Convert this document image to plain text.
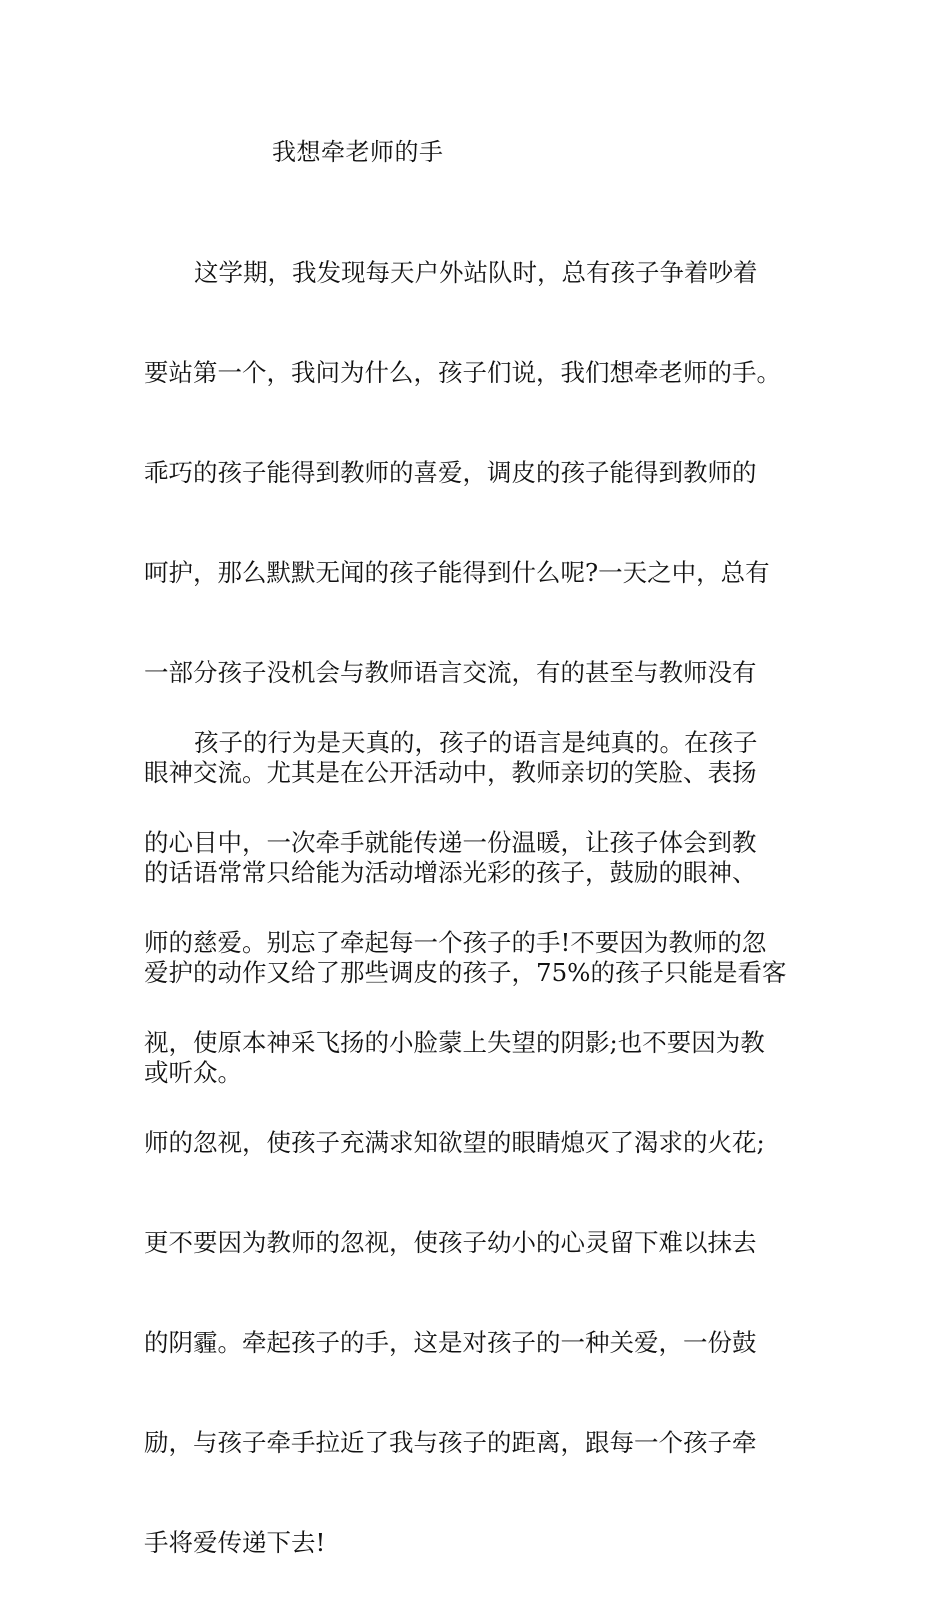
我想牵老师的手

这学期，我发现每天户外站队时，总有孩子争着吵着

要站第一个，我问为什么，孩子们说，我们想牵老师的手。

乖巧的孩子能得到教师的喜爱，调皮的孩子能得到教师的

呵护，那么默默无闻的孩子能得到什么呢?一天之中，总有

一部分孩子没机会与教师语言交流，有的甚至与教师没有

眼神交流。尤其是在公开活动中，教师亲切的笑脸、表扬

的话语常常只给能为活动增添光彩的孩子，鼓励的眼神、

爱护的动作又给了那些调皮的孩子，75%的孩子只能是看客

或听众。

孩子的行为是天真的，孩子的语言是纯真的。在孩子

的心目中，一次牵手就能传递一份温暖，让孩子体会到教

师的慈爱。别忘了牵起每一个孩子的手!不要因为教师的忽

视，使原本神采飞扬的小脸蒙上失望的阴影;也不要因为教

师的忽视，使孩子充满求知欲望的眼睛熄灭了渴求的火花;

更不要因为教师的忽视，使孩子幼小的心灵留下难以抹去

的阴霾。牵起孩子的手，这是对孩子的一种关爱，一份鼓

励，与孩子牵手拉近了我与孩子的距离，跟每一个孩子牵

手将爱传递下去!
